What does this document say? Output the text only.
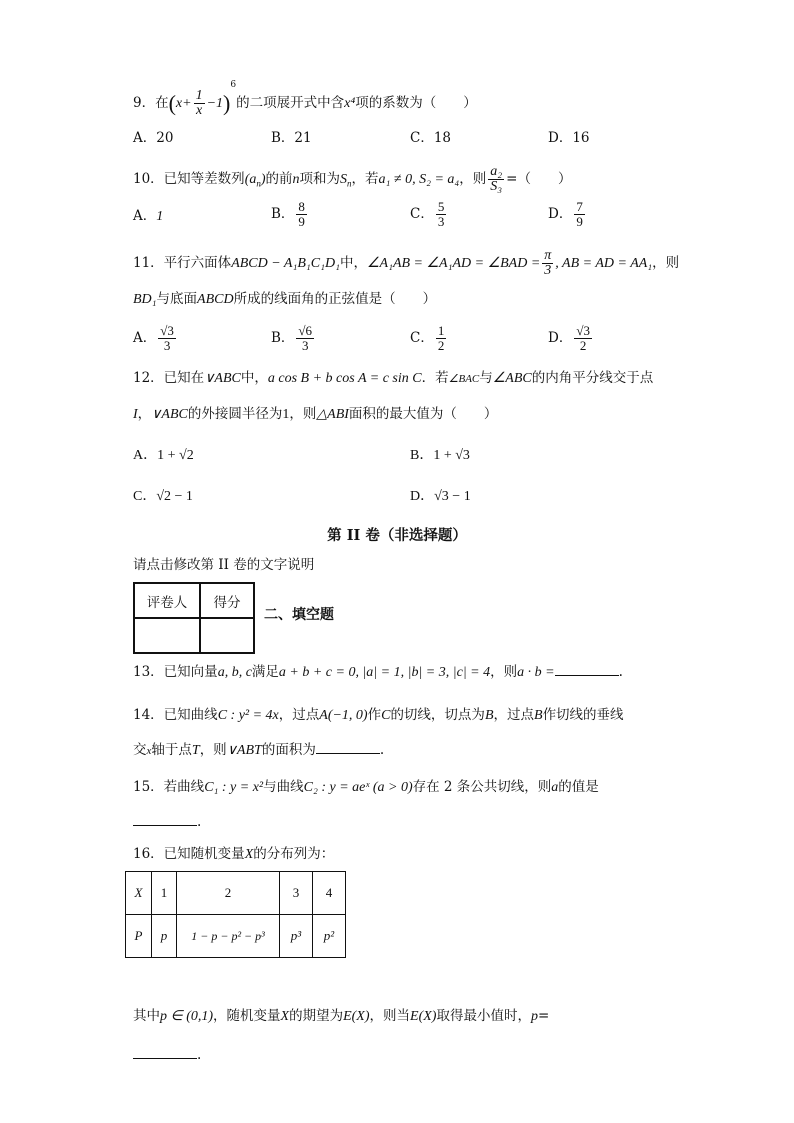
9．在$(x+ \frac{1}{x} -1)^6$的二项展开式中含x⁴项的系数为（　　）
A．20	B．21	C．18	D．16
10．已知等差数列$(a_n)$的前n项和为$S_n$，若a₁ ≠ 0, S₂ = a₄，则 $\frac{\text{a₂}}{\text{S₃}}$ =（　　）
A．1	B． $\frac{8}{9}$	C． $\frac{5}{3}$	D． $\frac{7}{9}$
11．平行六面体ABCD − A₁B₁C₁D₁中，∠A₁AB = ∠A₁AD = ∠BAD = $\frac{\pi}{3}$ , AB = AD = AA₁，则
BD₁与底面ABCD所成的线面角的正弦值是（　　）
A． $\frac{√3}{3}$	B． $\frac{√6}{3}$	C． $\frac{1}{2}$	D． $\frac{√3}{2}$
12．已知在∨ABC中，a cos B + b cos A = c sin C．若∠BAC与∠ABC的内角平分线交于点
I，∨ABC的外接圆半径为1，则△ABI面积的最大值为（　　）
A．1 + √2	B．1 + √3
C．√2 − 1	D．√3 − 1
第 II 卷（非选择题）
请点击修改第 II 卷的文字说明
评卷人	得分

二、填空题
13．已知向量a, b, c满足a + b + c = 0, |a| = 1, |b| = 3, |c| = 4，则a · b =	.
14．已知曲线C : y² = 4x，过点A(−1, 0)作C的切线，切点为B，过点B作切线的垂线
交x轴于点T，则∨ABT的面积为	.
15．若曲线C₁ : y = x²与曲线C₂ : y = aeˣ (a > 0)存在 2 条公共切线，则a的值是
.
16．已知随机变量X的分布列为：
X	1	2	3	4
P	p	1 − p − p² − p³	p³	p²
其中p ∈ (0,1)，随机变量X的期望为E(X)，则当E(X)取得最小值时，p=
.
